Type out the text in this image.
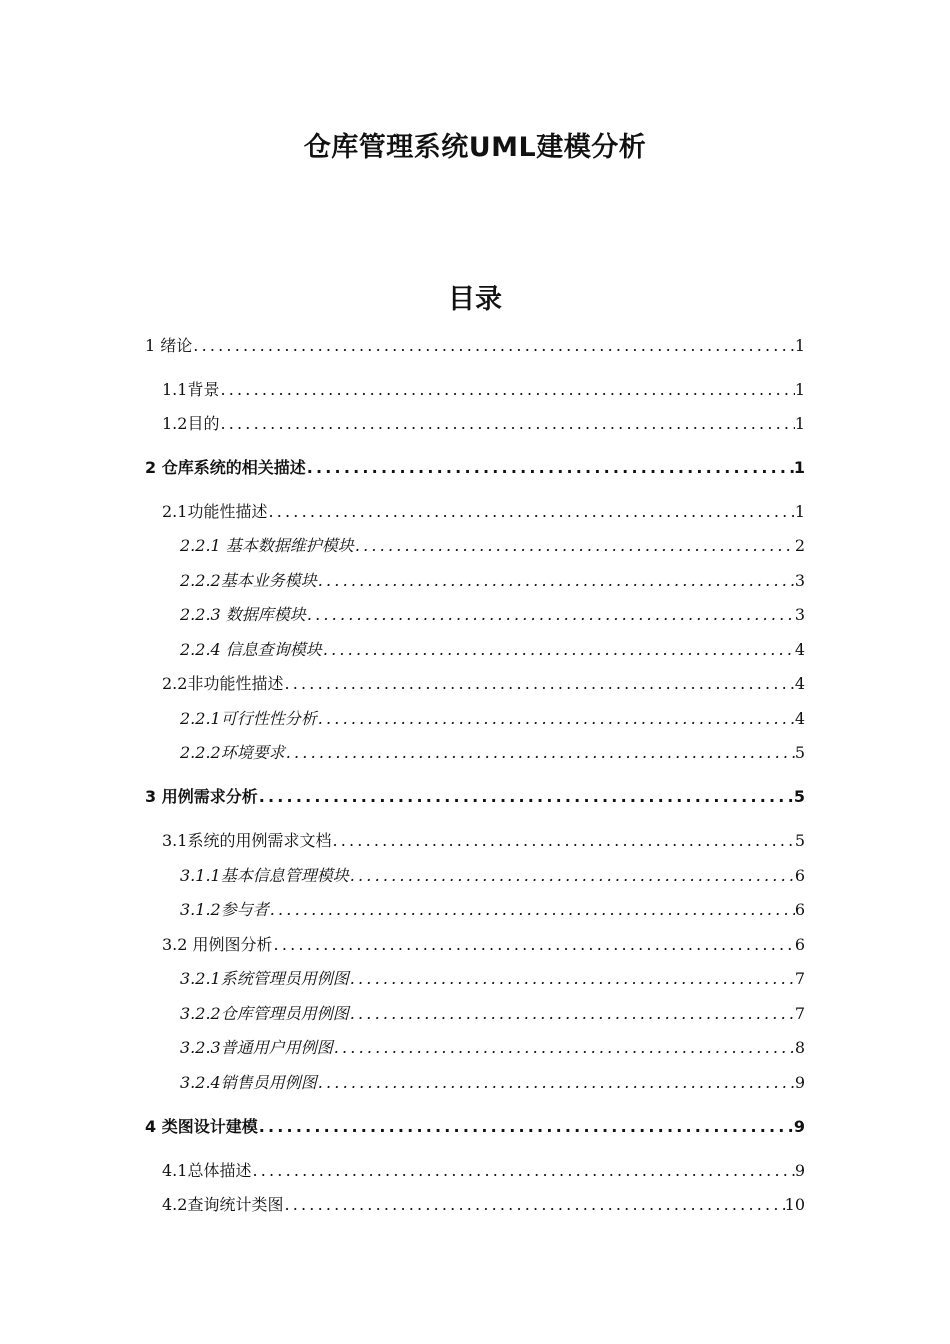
仓库管理系统UML建模分析
目录
1 绪论 .....	1
1.1背景 .....	1
1.2目的 .....	1
2 仓库系统的相关描述 .....	1
2.1功能性描述 .....	1
2.2.1 基本数据维护模块 .....	2
2.2.2基本业务模块 .....	3
2.2.3 数据库模块 .....	3
2.2.4 信息查询模块 .....	4
2.2非功能性描述 .....	4
2.2.1可行性性分析 .....	4
2.2.2环境要求 .....	5
3 用例需求分析 .....	5
3.1系统的用例需求文档 .....	5
3.1.1基本信息管理模块 .....	6
3.1.2参与者 .....	6
3.2 用例图分析 .....	6
3.2.1系统管理员用例图 .....	7
3.2.2仓库管理员用例图 .....	7
3.2.3普通用户用例图 .....	8
3.2.4销售员用例图 .....	9
4 类图设计建模 .....	9
4.1总体描述 .....	9
4.2查询统计类图 .....	10
